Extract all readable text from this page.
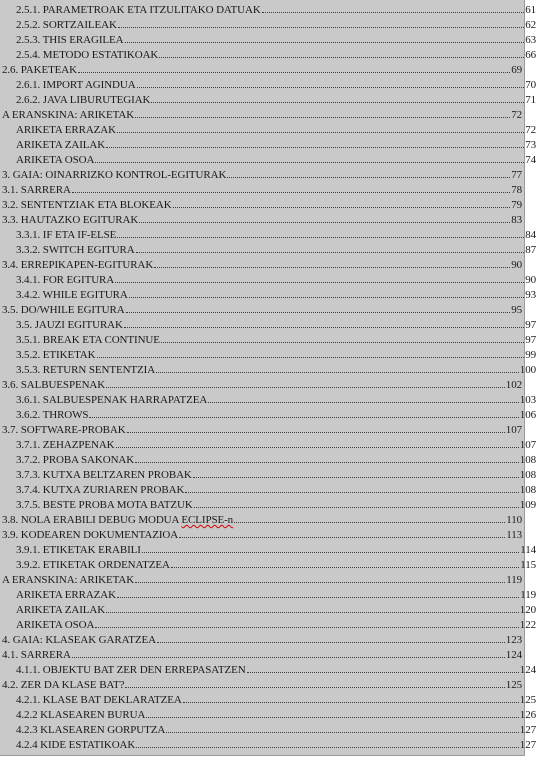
2.5.1. PARAMETROAK ETA ITZULITAKO DATUAK	61
2.5.2. SORTZAILEAK	62
2.5.3. THIS ERAGILEA	63
2.5.4. METODO ESTATIKOAK	66
2.6. PAKETEAK	69
2.6.1. IMPORT AGINDUA	70
2.6.2. JAVA LIBURUTEGIAK	71
A ERANSKINA: ARIKETAK	72
ARIKETA ERRAZAK	72
ARIKETA ZAILAK	73
ARIKETA OSOA	74
3. GAIA: OINARRIZKO KONTROL-EGITURAK	77
3.1. SARRERA	78
3.2. SENTENTZIAK ETA BLOKEAK	79
3.3. HAUTAZKO EGITURAK	83
3.3.1. IF ETA IF-ELSE	84
3.3.2. SWITCH EGITURA	87
3.4. ERREPIKAPEN-EGITURAK	90
3.4.1. FOR EGITURA	90
3.4.2. WHILE EGITURA	93
3.5. DO/WHILE EGITURA	95
3.5. JAUZI EGITURAK	97
3.5.1. BREAK ETA CONTINUE	97
3.5.2. ETIKETAK	99
3.5.3. RETURN SENTENTZIA	100
3.6. SALBUESPENAK	102
3.6.1. SALBUESPENAK HARRAPATZEA	103
3.6.2. THROWS	106
3.7. SOFTWARE-PROBAK	107
3.7.1. ZEHAZPENAK	107
3.7.2. PROBA SAKONAK	108
3.7.3. KUTXA BELTZAREN PROBAK	108
3.7.4. KUTXA ZURIAREN PROBAK	108
3.7.5. BESTE PROBA MOTA BATZUK	109
3.8. NOLA ERABILI DEBUG MODUA ECLIPSE-n	110
3.9. KODEAREN DOKUMENTAZIOA	113
3.9.1. ETIKETAK ERABILI	114
3.9.2. ETIKETAK ORDENATZEA	115
A ERANSKINA: ARIKETAK	119
ARIKETA ERRAZAK	119
ARIKETA ZAILAK	120
ARIKETA OSOA	122
4. GAIA: KLASEAK GARATZEA	123
4.1. SARRERA	124
4.1.1. OBJEKTU BAT ZER DEN ERREPASATZEN	124
4.2. ZER DA KLASE BAT?	125
4.2.1. KLASE BAT DEKLARATZEA	125
4.2.2 KLASEAREN BURUA	126
4.2.3 KLASEAREN GORPUTZA	127
4.2.4 KIDE ESTATIKOAK	127
